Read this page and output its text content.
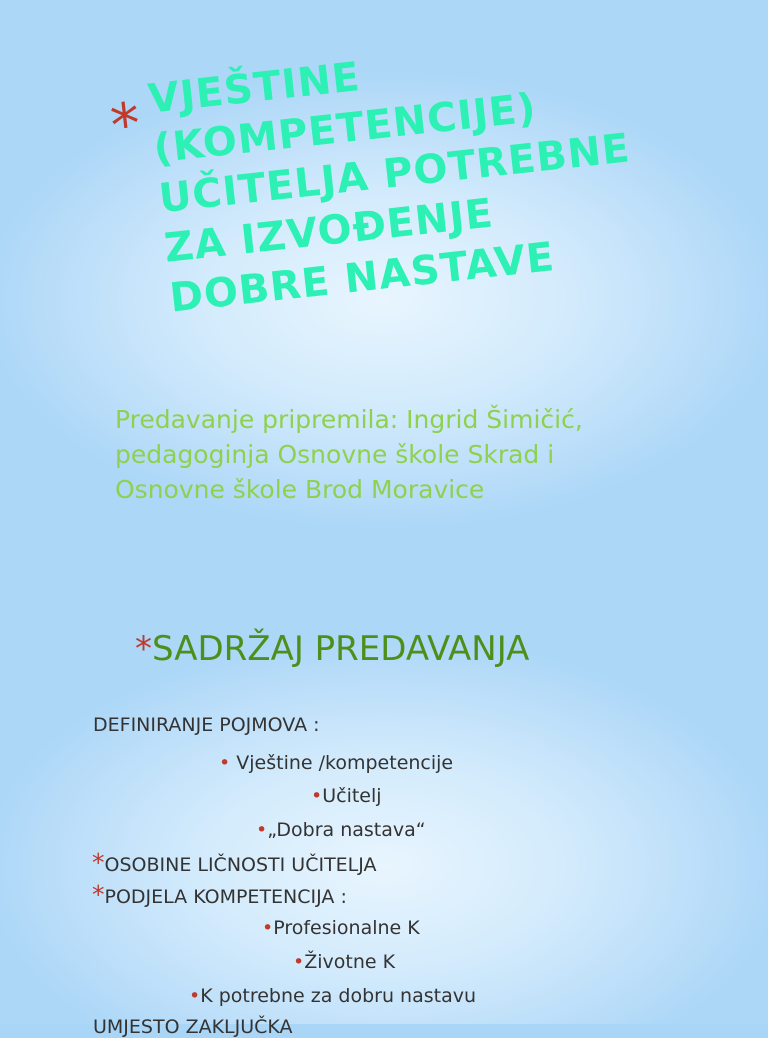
*
VJEŠTINE
(KOMPETENCIJE)
UČITELJA POTREBNE
ZA IZVOĐENJE
DOBRE NASTAVE

Predavanje pripremila: Ingrid Šimičić, pedagoginja Osnovne škole Skrad i Osnovne škole Brod Moravice

*SADRŽAJ PREDAVANJA
DEFINIRANJE POJMOVA :
• Vještine /kompetencije
•Učitelj
•„Dobra nastava“
*OSOBINE LIČNOSTI UČITELJA
*PODJELA KOMPETENCIJA :
•Profesionalne K
•Životne K
•K potrebne za dobru nastavu
UMJESTO ZAKLJUČKA
